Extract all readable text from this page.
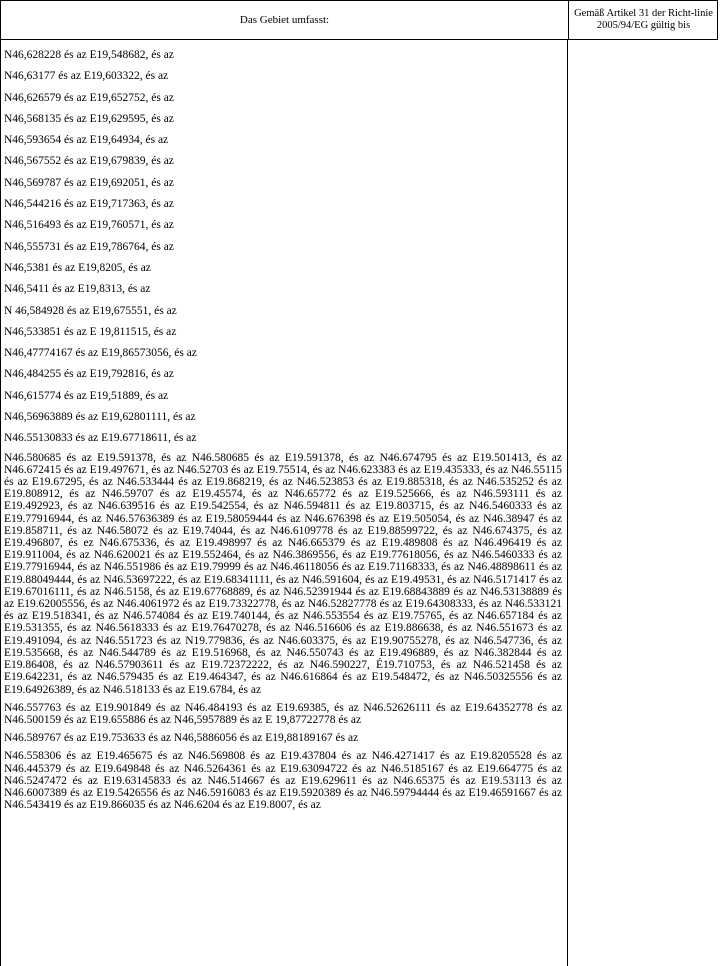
Das Gebiet umfasst:
Gemäß Artikel 31 der Richt-linie 2005/94/EG gültig bis
N46,628228 és az E19,548682, és az
N46,63177 és az E19,603322, és az
N46,626579 és az E19,652752, és az
N46,568135 és az E19,629595, és az
N46,593654 és az E19,64934, és az
N46,567552 és az E19,679839, és az
N46,569787 és az E19,692051, és az
N46,544216 és az E19,717363, és az
N46,516493 és az E19,760571, és az
N46,555731 és az E19,786764, és az
N46,5381 és az E19,8205, és az
N46,5411 és az E19,8313, és az
N 46,584928 és az E19,675551, és az
N46,533851 és az E 19,811515, és az
N46,47774167 és az E19,86573056, és az
N46,484255 és az E19,792816, és az
N46,615774 és az E19,51889, és az
N46,56963889 és az E19,62801111, és az
N46.55130833 és az E19.67718611, és az
N46.580685 és az E19.591378, és az N46.580685 és az E19.591378, és az N46.674795 és az E19.501413, és az N46.672415 és az E19.497671, és az N46.52703 és az E19.75514, és az N46.623383 és az E19.435333, és az N46.55115 és az E19.67295, és az N46.533444 és az E19.868219, és az N46.523853 és az E19.885318, és az N46.535252 és az E19.808912, és az N46.59707 és az E19.45574, és az N46.65772 és az E19.525666, és az N46.593111 és az E19.492923, és az N46.639516 és az E19.542554, és az N46.594811 és az E19.803715, és az N46.5460333 és az E19.77916944, és az N46.57636389 és az E19.58059444 és az N46.676398 és az E19.505054, és az N46.38947 és az E19.858711, és az N46.58072 és az E19.74044, és az N46.6109778 és az E19.88599722, és az N46.674375, és az E19.496807, és ez N46.675336, és az E19.498997 és az N46.665379 és az E19.489808 és az N46.496419 és az E19.911004, és az N46.620021 és az E19.552464, és az N46.3869556, és az E19.77618056, és az N46.5460333 és az E19.77916944, és az N46.551986 és az E19.79999 és az N46.46118056 és az E19.71168333, és az N46.48898611 és az E19.88049444, és az N46.53697222, és az E19.68341111, és az N46.591604, és az E19.49531, és az N46.5171417 és az E19.67016111, és az N46.5158, és az E19.67768889, és az N46.52391944 és az E19.68843889 és az N46.53138889 és az E19.62005556, és az N46.4061972 és az E19.73322778, és az N46.52827778 és az E19.64308333, és az N46.533121 és az E19.518341, és az N46.574084 és az E19.740144, és az N46.553554 és az E19.75765, és az N46.657184 és az E19.531355, és az N46.5618333 és az E19.76470278, és az N46.516606 és az E19.886638, és az N46.551673 és az E19.491094, és az N46.551723 és az N19.779836, és az N46.603375, és az E19.90755278, és az N46.547736, és az E19.535668, és az N46.544789 és az E19.516968, és az N46.550743 és az E19.496889, és az N46.382844 és az E19.86408, és az N46.57903611 és az E19.72372222, és az N46.590227, É19.710753, és az N46.521458 és az E19.642231, és az N46.579435 és az E19.464347, és az N46.616864 és az E19.548472, és az N46.50325556 és az E19.64926389, és az N46.518133 és az E19.6784, és az
N46.557763 és az E19.901849 és az N46.484193 és az E19.69385, és az N46.52626111 és az E19.64352778 és az N46.500159 és az E19.655886 és az N46,5957889 és az E 19,87722778 és az
N46.589767 és az E19.753633 és az N46,5886056 és az E19,88189167 és az
N46.558306 és az E19.465675 és az N46.569808 és az E19.437804 és az N46.4271417 és az E19.8205528 és az N46.445379 és az E19.649848 és az N46.5264361 és az E19.63094722 és az N46.5185167 és az E19.664775 és az N46.5247472 és az E19.63145833 és az N46.514667 és az E19.629611 és az N46.65375 és az E19.53113 és az N46.6007389 és az E19.5426556 és az N46.5916083 és az E19.5920389 és az N46.59794444 és az E19.46591667 és az N46.543419 és az E19.866035 és az N46.6204 és az E19.8007, és az
